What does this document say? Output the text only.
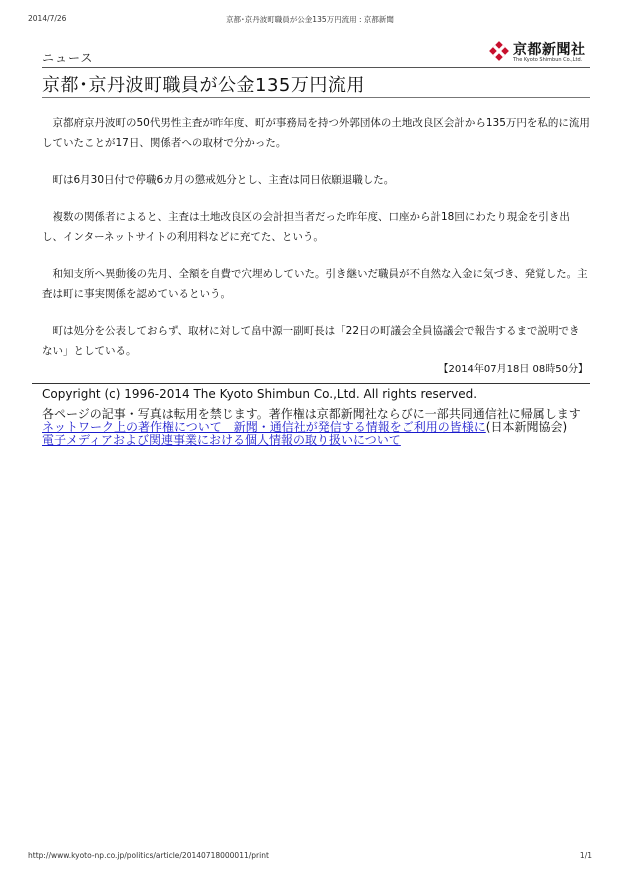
2014/7/26	京都･京丹波町職員が公金135万円流用 : 京都新聞
ニュース	京都新聞社
The Kyoto Shimbun Co.,Ltd.
京都･京丹波町職員が公金135万円流用

京都府京丹波町の50代男性主査が昨年度、町が事務局を持つ外郭団体の土地改良区会計から135万円を私的に流用していたことが17日、関係者への取材で分かった。

町は6月30日付で停職6カ月の懲戒処分とし、主査は同日依願退職した。

複数の関係者によると、主査は土地改良区の会計担当者だった昨年度、口座から計18回にわたり現金を引き出し、インターネットサイトの利用料などに充てた、という。

和知支所へ異動後の先月、全額を自費で穴埋めしていた。引き継いだ職員が不自然な入金に気づき、発覚した。主査は町に事実関係を認めているという。

町は処分を公表しておらず、取材に対して畠中源一副町長は「22日の町議会全員協議会で報告するまで説明できない」としている。

【2014年07月18日 08時50分】

Copyright (c) 1996-2014 The Kyoto Shimbun Co.,Ltd. All rights reserved.

各ページの記事・写真は転用を禁じます。著作権は京都新聞社ならびに一部共同通信社に帰属します

ネットワーク上の著作権について　新聞・通信社が発信する情報をご利用の皆様に(日本新聞協会)

電子メディアおよび関連事業における個人情報の取り扱いについて

http://www.kyoto-np.co.jp/politics/article/20140718000011/print	1/1
